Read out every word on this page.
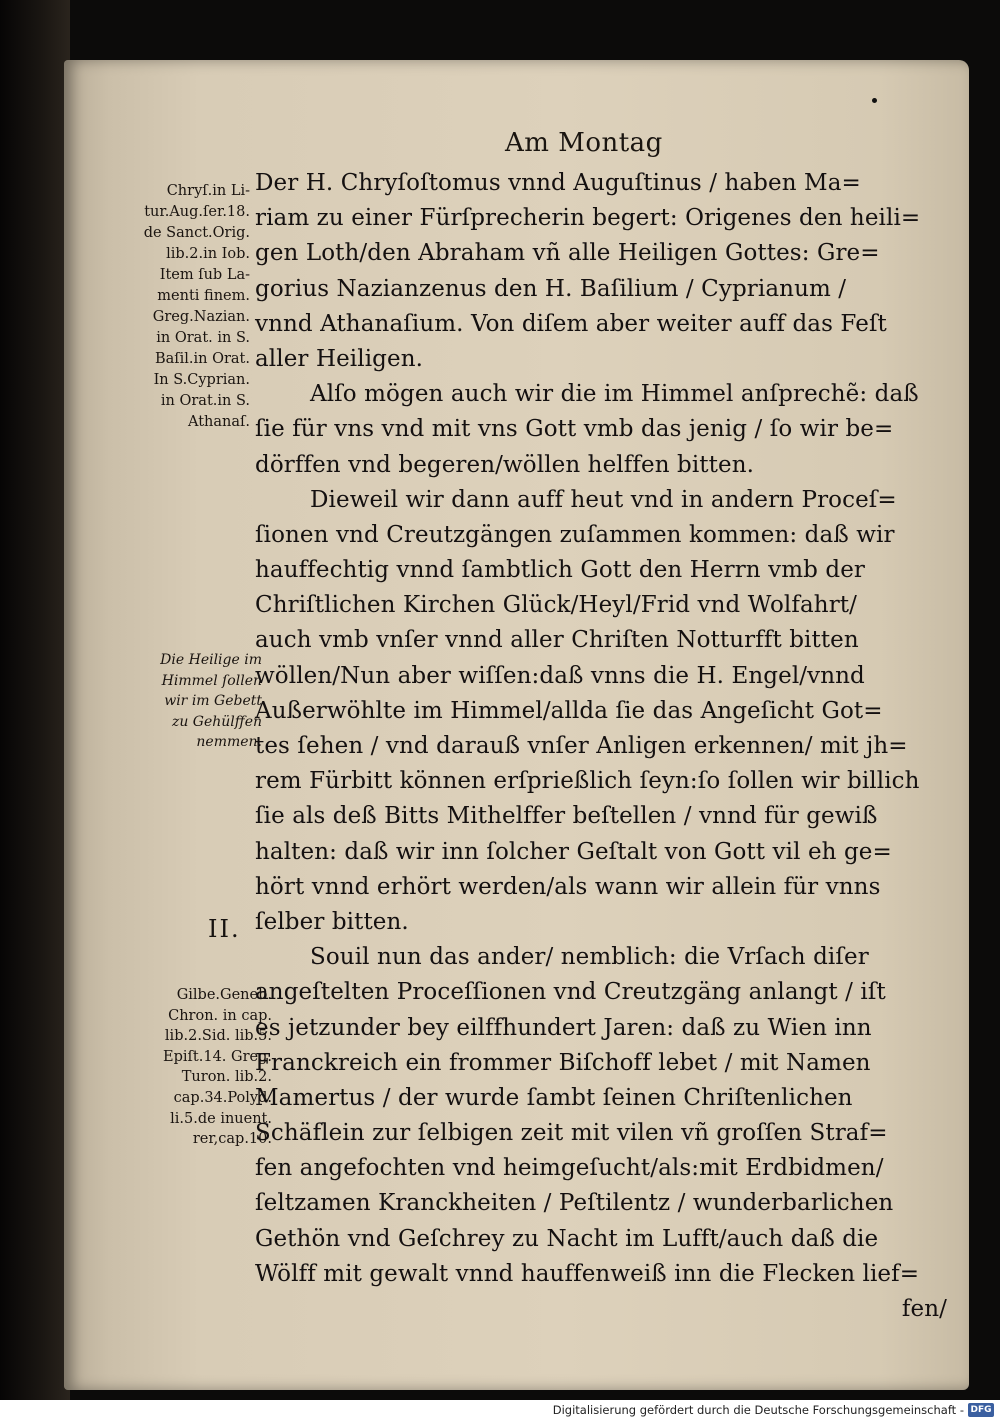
Am Montag
Chryſ.in Li-
tur.Aug.ſer.18.
de Sanct.Orig.
lib.2.in Iob.
Item ſub La-
menti finem.
Greg.Nazian.
in Orat. in S.
Baſil.in Orat.
In S.Cyprian.
in Orat.in S.
Athanaſ.
Die Heilige im
Himmel ſollen
wir im Gebett
zu Gehülffen
nemmen.
II.
Gilbe.Geneb.
Chron. in cap.
lib.2.Sid. lib.5.
Epiſt.14. Greg.
Turon. lib.2.
cap.34.Polyd.
li.5.de inuent.
rer,cap.10.
Der H. Chryſoſtomus vnnd Auguſtinus / haben Ma=
riam zu einer Fürſprecherin begert: Origenes den heili=
gen Loth/den Abraham vñ alle Heiligen Gottes: Gre=
gorius Nazianzenus den H. Baſilium / Cyprianum /
vnnd Athanaſium. Von diſem aber weiter auff das Feſt
aller Heiligen.
Alſo mögen auch wir die im Himmel anſprechẽ: daß
ſie für vns vnd mit vns Gott vmb das jenig / ſo wir be=
dörffen vnd begeren/wöllen helffen bitten.
Dieweil wir dann auff heut vnd in andern Proceſ=
ſionen vnd Creutzgängen zuſammen kommen: daß wir
hauffechtig vnnd ſambtlich Gott den Herrn vmb der
Chriſtlichen Kirchen Glück/Heyl/Frid vnd Wolfahrt/
auch vmb vnſer vnnd aller Chriſten Notturfft bitten
wöllen/Nun aber wiſſen:daß vnns die H. Engel/vnnd
Außerwöhlte im Himmel/allda ſie das Angeſicht Got=
tes ſehen / vnd darauß vnſer Anligen erkennen/ mit jh=
rem Fürbitt können erſprießlich ſeyn:ſo ſollen wir billich
ſie als deß Bitts Mithelffer beſtellen / vnnd für gewiß
halten: daß wir inn ſolcher Geſtalt von Gott vil eh ge=
hört vnnd erhört werden/als wann wir allein für vnns
ſelber bitten.
Souil nun das ander/ nemblich: die Vrſach diſer
angeſtelten Proceſſionen vnd Creutzgäng anlangt / iſt
es jetzunder bey eilffhundert Jaren: daß zu Wien inn
Franckreich ein frommer Biſchoff lebet / mit Namen
Mamertus / der wurde ſambt ſeinen Chriſtenlichen
Schäflein zur ſelbigen zeit mit vilen vñ groſſen Straf=
fen angefochten vnd heimgeſucht/als:mit Erdbidmen/
ſeltzamen Kranckheiten / Peſtilentz / wunderbarlichen
Gethön vnd Geſchrey zu Nacht im Lufft/auch daß die
Wölff mit gewalt vnnd hauffenweiß inn die Flecken lief=
fen/
Digitalisierung gefördert durch die Deutsche Forschungsgemeinschaft - DFG
